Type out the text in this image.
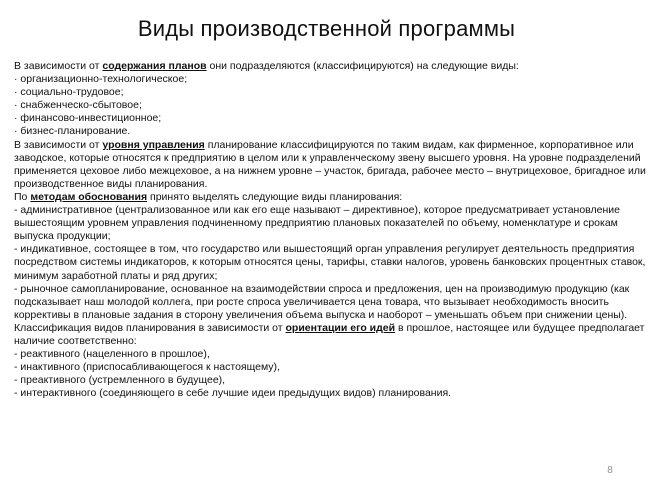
Виды производственной программы
В зависимости от содержания планов они подразделяются (классифицируются) на следующие виды:
· организационно-технологическое;
· социально-трудовое;
· снабженческо-сбытовое;
· финансово-инвестиционное;
· бизнес-планирование.
В зависимости от уровня управления планирование классифицируются по таким видам, как фирменное, корпоративное или заводское, которые относятся к предприятию в целом или к управленческому звену высшего уровня. На уровне подразделений применяется цеховое либо межцеховое, а на нижнем уровне – участок, бригада, рабочее место – внутрицеховое, бригадное или производственное виды планирования.
По методам обоснования принято выделять следующие виды планирования:
- административное (централизованное или как его еще называют – директивное), которое предусматривает установление вышестоящим уровнем управления подчиненному предприятию плановых показателей по объему, номенклатуре и срокам выпуска продукции;
- индикативное, состоящее в том, что государство или вышестоящий орган управления регулирует деятельность предприятия посредством системы индикаторов, к которым относятся цены, тарифы, ставки налогов, уровень банковских процентных ставок, минимум заработной платы и ряд других;
- рыночное самопланирование, основанное на взаимодействии спроса и предложения, цен на производимую продукцию (как подсказывает наш молодой коллега, при росте спроса увеличивается цена товара, что вызывает необходимость вносить коррективы в плановые задания в сторону увеличения объема выпуска и наоборот – уменьшать объем при снижении цены).
Классификация видов планирования в зависимости от ориентации его идей в прошлое, настоящее или будущее предполагает наличие соответственно:
- реактивного (нацеленного в прошлое),
- инактивного (приспосабливающегося к настоящему),
- преактивного (устремленного в будущее),
- интерактивного (соединяющего в себе лучшие идеи предыдущих видов) планирования.
8
